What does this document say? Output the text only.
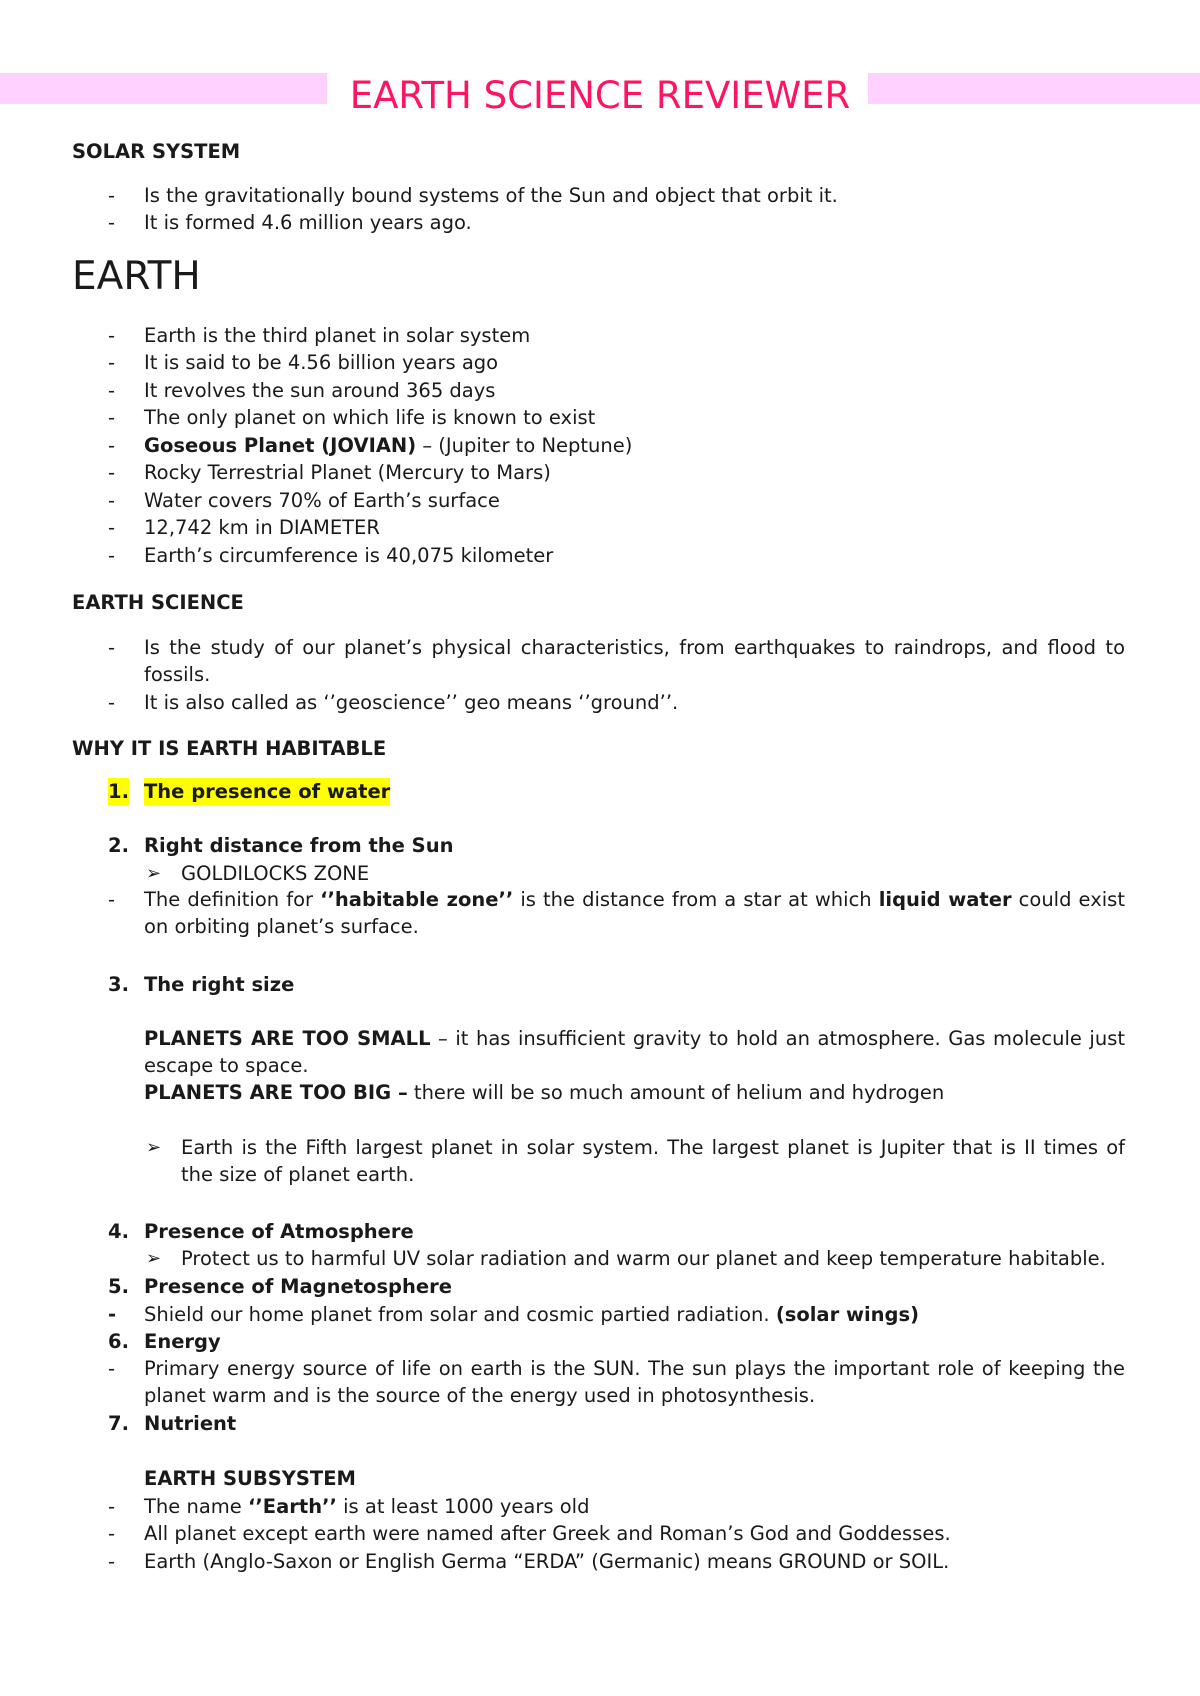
EARTH SCIENCE REVIEWER
SOLAR SYSTEM
- Is the gravitationally bound systems of the Sun and object that orbit it.
- It is formed 4.6 million years ago.
EARTH
- Earth is the third planet in solar system
- It is said to be 4.56 billion years ago
- It revolves the sun around 365 days
- The only planet on which life is known to exist
- Goseous Planet (JOVIAN) – (Jupiter to Neptune)
- Rocky Terrestrial Planet (Mercury to Mars)
- Water covers 70% of Earth’s surface
- 12,742 km in DIAMETER
- Earth’s circumference is 40,075 kilometer
EARTH SCIENCE
- Is the study of our planet’s physical characteristics, from earthquakes to raindrops, and flood to fossils.
- It is also called as ‘’geoscience’’ geo means ‘’ground’’.
WHY IT IS EARTH HABITABLE
1. The presence of water
2. Right distance from the Sun
➢ GOLDILOCKS ZONE
- The definition for ‘’habitable zone’’ is the distance from a star at which liquid water could exist on orbiting planet’s surface.
3. The right size
PLANETS ARE TOO SMALL – it has insufficient gravity to hold an atmosphere. Gas molecule just escape to space.
PLANETS ARE TOO BIG – there will be so much amount of helium and hydrogen
➢ Earth is the Fifth largest planet in solar system. The largest planet is Jupiter that is II times of the size of planet earth.
4. Presence of Atmosphere
➢ Protect us to harmful UV solar radiation and warm our planet and keep temperature habitable.
5. Presence of Magnetosphere
- Shield our home planet from solar and cosmic partied radiation. (solar wings)
6. Energy
- Primary energy source of life on earth is the SUN. The sun plays the important role of keeping the planet warm and is the source of the energy used in photosynthesis.
7. Nutrient
EARTH SUBSYSTEM
- The name ‘’Earth’’ is at least 1000 years old
- All planet except earth were named after Greek and Roman’s God and Goddesses.
- Earth (Anglo-Saxon or English Germa “ERDA” (Germanic) means GROUND or SOIL.
